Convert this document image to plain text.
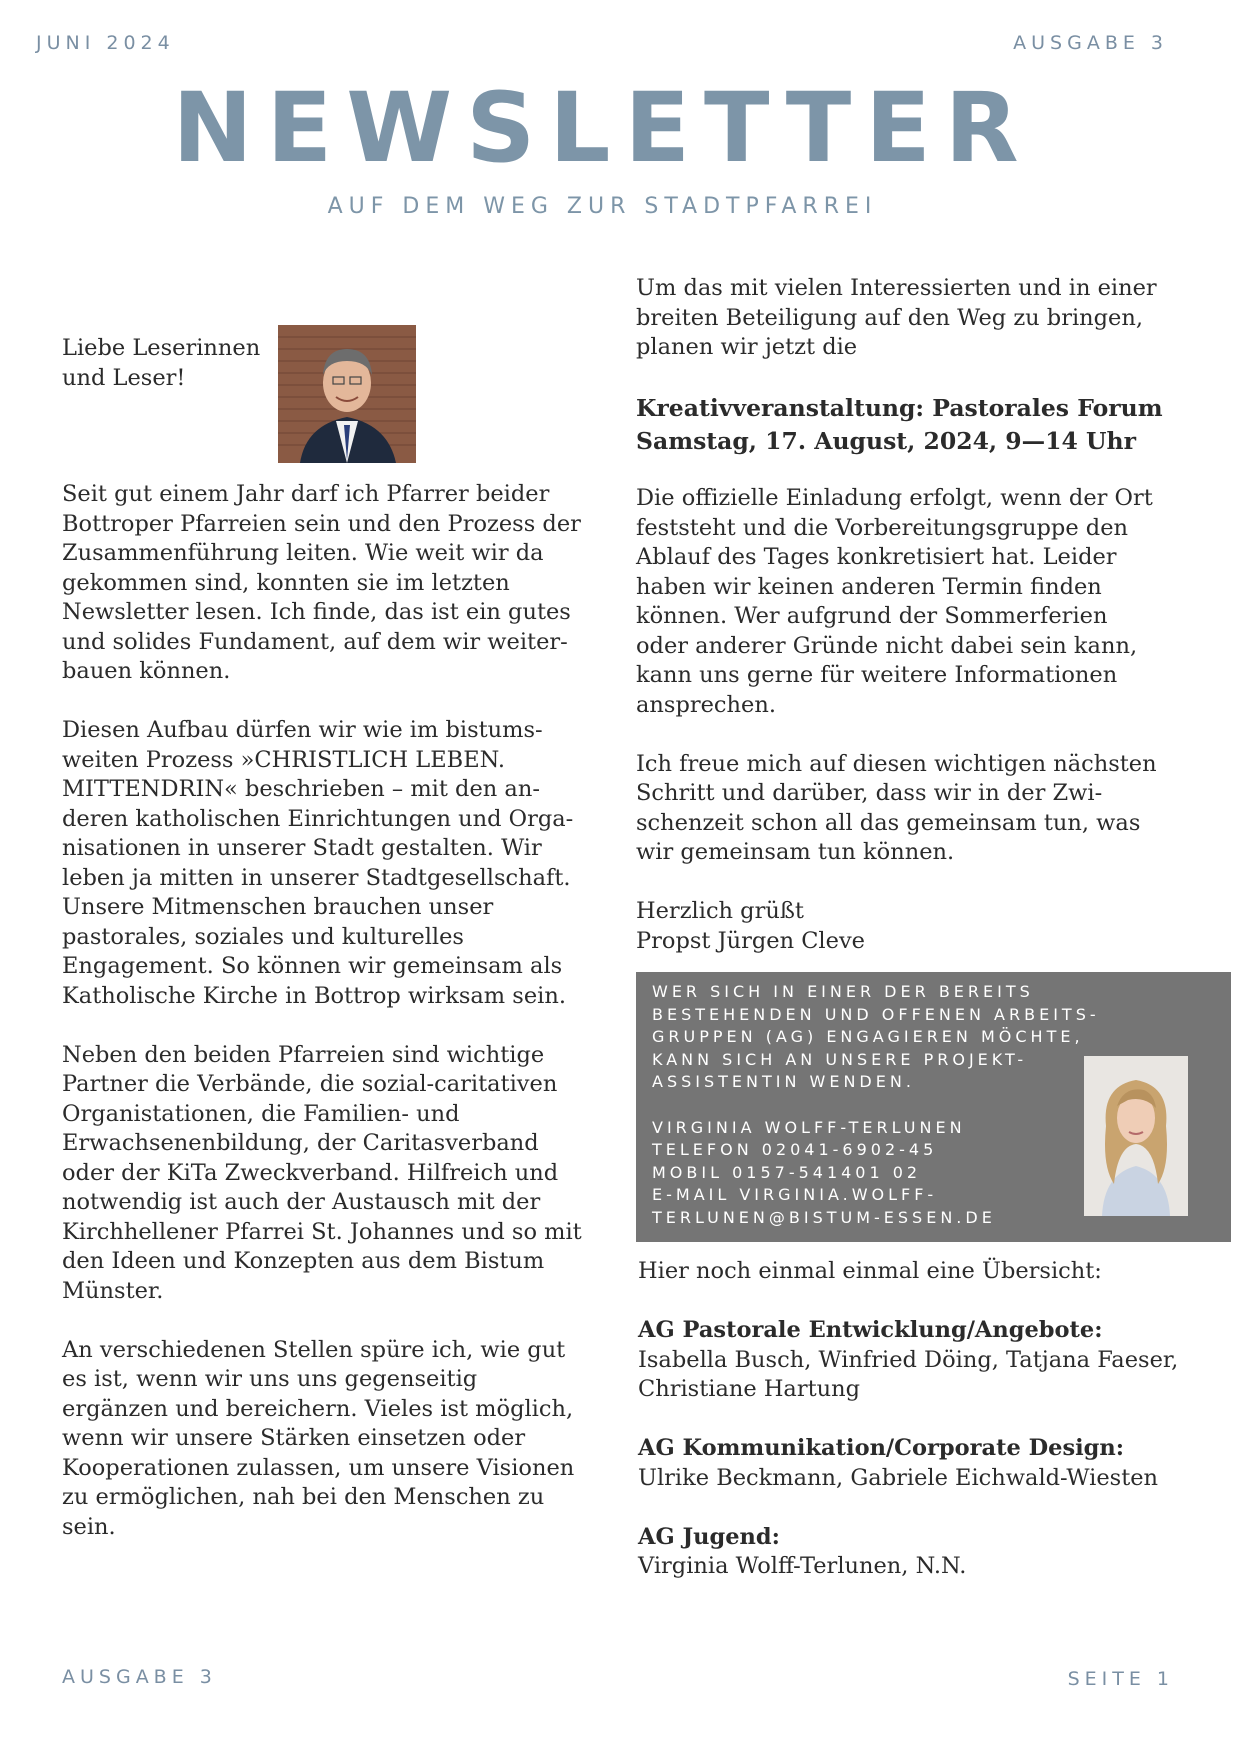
JUNI 2024	AUSGABE 3
NEWSLETTER
AUF DEM WEG ZUR STADTPFARREI
Liebe Leserinnen
und Leser!

Seit gut einem Jahr darf ich Pfarrer beider Bottroper Pfarreien sein und den Prozess der Zusammenführung leiten. Wie weit wir da gekommen sind, konnten sie im letzten Newsletter lesen. Ich finde, das ist ein gutes und solides Fundament, auf dem wir weiter-bauen können.

Diesen Aufbau dürfen wir wie im bistums-weiten Prozess »CHRISTLICH LEBEN. MITTENDRIN« beschrieben – mit den an-deren katholischen Einrichtungen und Orga-nisationen in unserer Stadt gestalten. Wir leben ja mitten in unserer Stadtgesellschaft. Unsere Mitmenschen brauchen unser pastorales, soziales und kulturelles Engagement. So können wir gemeinsam als Katholische Kirche in Bottrop wirksam sein.

Neben den beiden Pfarreien sind wichtige Partner die Verbände, die sozial-caritativen Organistationen, die Familien- und Erwachsenenbildung, der Caritasverband oder der KiTa Zweckverband. Hilfreich und notwendig ist auch der Austausch mit der Kirchhellener Pfarrei St. Johannes und so mit den Ideen und Konzepten aus dem Bistum Münster.

An verschiedenen Stellen spüre ich, wie gut es ist, wenn wir uns uns gegenseitig ergänzen und bereichern. Vieles ist möglich, wenn wir unsere Stärken einsetzen oder Kooperationen zulassen, um unsere Visionen zu ermöglichen, nah bei den Menschen zu sein.

Um das mit vielen Interessierten und in einer breiten Beteiligung auf den Weg zu bringen, planen wir jetzt die

Kreativveranstaltung: Pastorales Forum
Samstag, 17. August, 2024, 9—14 Uhr

Die offizielle Einladung erfolgt, wenn der Ort feststeht und die Vorbereitungsgruppe den Ablauf des Tages konkretisiert hat. Leider haben wir keinen anderen Termin finden können. Wer aufgrund der Sommerferien oder anderer Gründe nicht dabei sein kann, kann uns gerne für weitere Informationen ansprechen.

Ich freue mich auf diesen wichtigen nächsten Schritt und darüber, dass wir in der Zwi-schenzeit schon all das gemeinsam tun, was wir gemeinsam tun können.

Herzlich grüßt
Propst Jürgen Cleve
WER SICH IN EINER DER BEREITS
BESTEHENDEN UND OFFENEN ARBEITS-
GRUPPEN (AG) ENGAGIEREN MÖCHTE,
KANN SICH AN UNSERE PROJEKT-
ASSISTENTIN WENDEN.
VIRGINIA WOLFF-TERLUNEN
TELEFON 02041-6902-45
MOBIL 0157-541401 02
E-MAIL VIRGINIA.WOLFF-
TERLUNEN@BISTUM-ESSEN.DE

Hier noch einmal einmal eine Übersicht:

AG Pastorale Entwicklung/Angebote:
Isabella Busch, Winfried Döing, Tatjana Faeser, Christiane Hartung

AG Kommunikation/Corporate Design:
Ulrike Beckmann, Gabriele Eichwald-Wiesten

AG Jugend:
Virginia Wolff-Terlunen, N.N.

AUSGABE 3	SEITE 1
